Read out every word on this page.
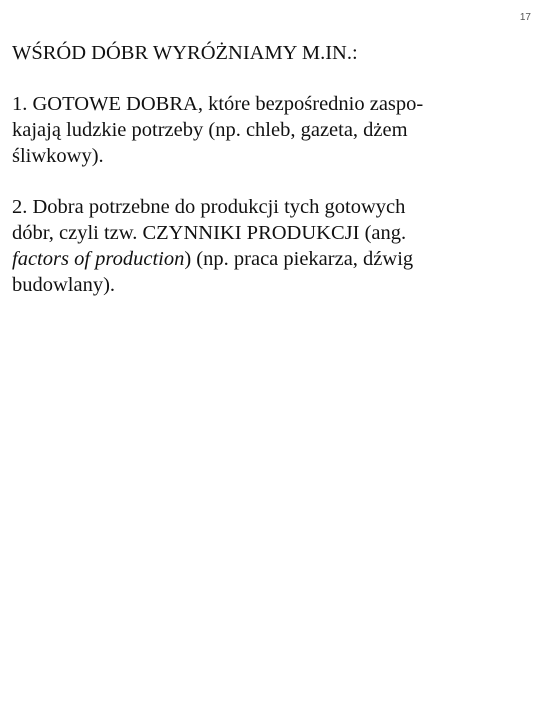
17
WŚRÓD DÓBR WYRÓŻNIAMY M.IN.:
1. GOTOWE DOBRA, które bezpośrednio zaspo-
kajają ludzkie potrzeby (np. chleb, gazeta, dżem
śliwkowy).
2. Dobra potrzebne do produkcji tych gotowych
dóbr, czyli tzw. CZYNNIKI PRODUKCJI (ang.
factors of production) (np. praca piekarza, dźwig
budowlany).
